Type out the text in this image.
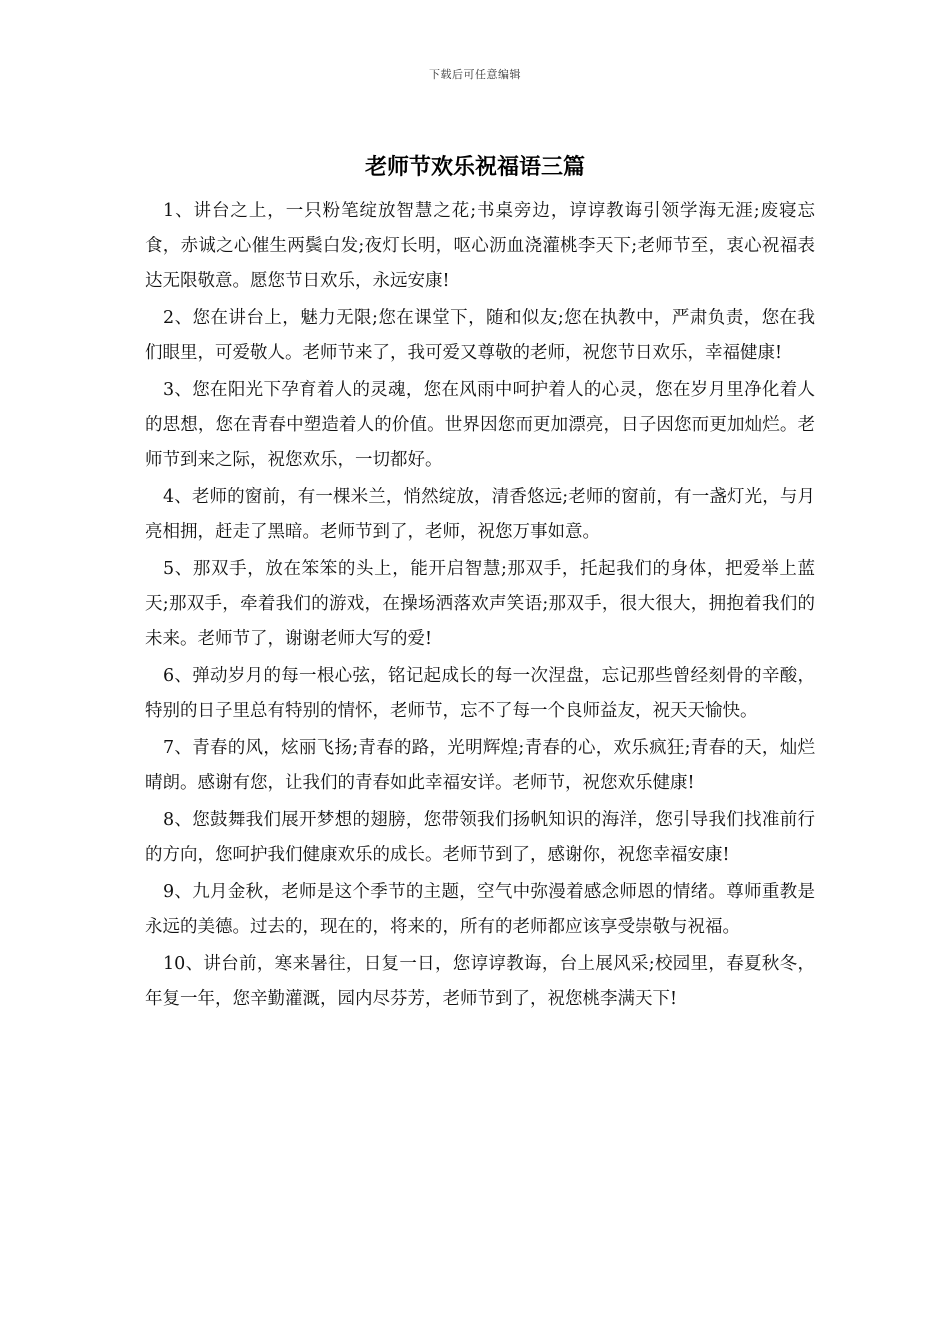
下载后可任意编辑
老师节欢乐祝福语三篇

1、讲台之上，一只粉笔绽放智慧之花;书桌旁边，谆谆教诲引领学海无涯;废寝忘食，赤诚之心催生两鬓白发;夜灯长明，呕心沥血浇灌桃李天下;老师节至，衷心祝福表达无限敬意。愿您节日欢乐，永远安康!

2、您在讲台上，魅力无限;您在课堂下，随和似友;您在执教中，严肃负责，您在我们眼里，可爱敬人。老师节来了，我可爱又尊敬的老师，祝您节日欢乐，幸福健康!

3、您在阳光下孕育着人的灵魂，您在风雨中呵护着人的心灵，您在岁月里净化着人的思想，您在青春中塑造着人的价值。世界因您而更加漂亮，日子因您而更加灿烂。老师节到来之际，祝您欢乐，一切都好。

4、老师的窗前，有一棵米兰，悄然绽放，清香悠远;老师的窗前，有一盏灯光，与月亮相拥，赶走了黑暗。老师节到了，老师，祝您万事如意。

5、那双手，放在笨笨的头上，能开启智慧;那双手，托起我们的身体，把爱举上蓝天;那双手，牵着我们的游戏，在操场洒落欢声笑语;那双手，很大很大，拥抱着我们的未来。老师节了，谢谢老师大写的爱!

6、弹动岁月的每一根心弦，铭记起成长的每一次涅盘，忘记那些曾经刻骨的辛酸，特别的日子里总有特别的情怀，老师节，忘不了每一个良师益友，祝天天愉快。

7、青春的风，炫丽飞扬;青春的路，光明辉煌;青春的心，欢乐疯狂;青春的天，灿烂晴朗。感谢有您，让我们的青春如此幸福安详。老师节，祝您欢乐健康!

8、您鼓舞我们展开梦想的翅膀，您带领我们扬帆知识的海洋，您引导我们找准前行的方向，您呵护我们健康欢乐的成长。老师节到了，感谢你，祝您幸福安康!

9、九月金秋，老师是这个季节的主题，空气中弥漫着感念师恩的情绪。尊师重教是永远的美德。过去的，现在的，将来的，所有的老师都应该享受崇敬与祝福。

10、讲台前，寒来暑往，日复一日，您谆谆教诲，台上展风采;校园里，春夏秋冬，年复一年，您辛勤灌溉，园内尽芬芳，老师节到了，祝您桃李满天下!
